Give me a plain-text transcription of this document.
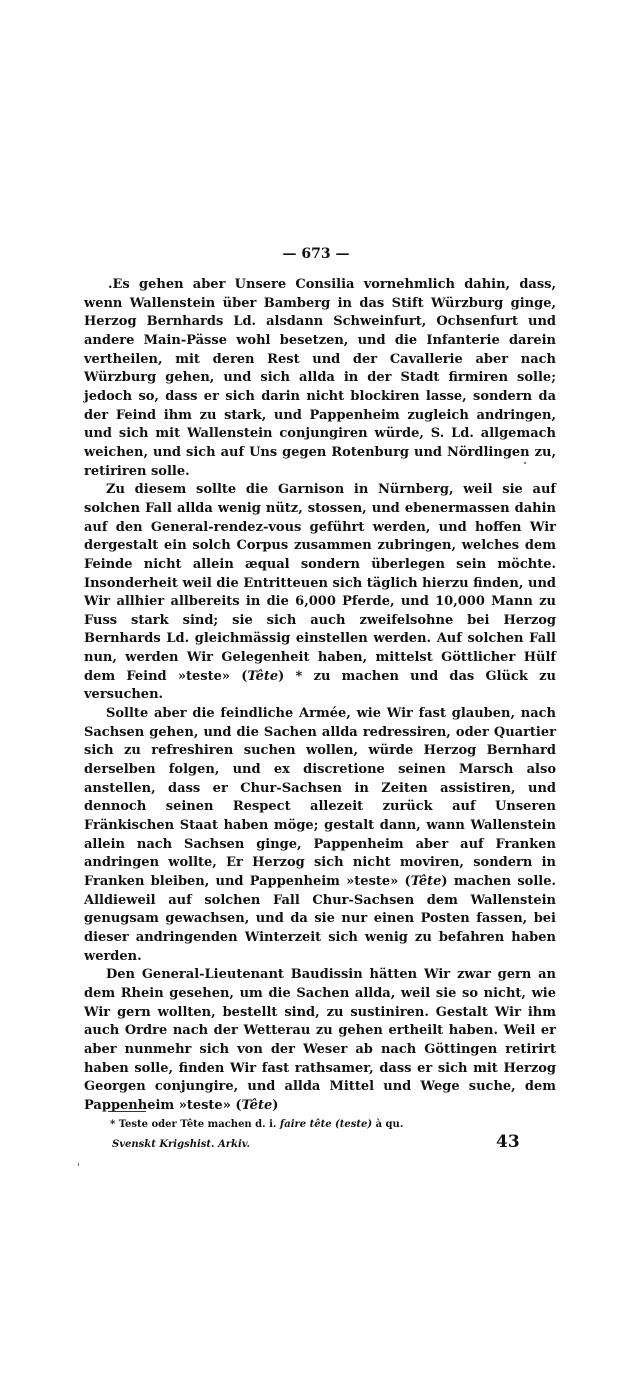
— 673 —

.Es gehen aber Unsere Consilia vornehmlich dahin, dass, wenn Wallenstein über Bamberg in das Stift Würzburg ginge, Herzog Bernhards Ld. alsdann Schweinfurt, Ochsenfurt und andere Main-Pässe wohl besetzen, und die Infanterie darein vertheilen, mit deren Rest und der Cavallerie aber nach Würzburg gehen, und sich allda in der Stadt firmiren solle; jedoch so, dass er sich darin nicht blockiren lasse, sondern da der Feind ihm zu stark, und Pappenheim zugleich andringen, und sich mit Wallenstein conjungiren würde, S. Ld. allgemach weichen, und sich auf Uns gegen Rotenburg und Nördlingen zu, retiriren solle.

Zu diesem sollte die Garnison in Nürnberg, weil sie auf solchen Fall allda wenig nütz, stossen, und ebenermassen dahin auf den General-rendez-vous geführt werden, und hoffen Wir dergestalt ein solch Corpus zusammen zubringen, welches dem Feinde nicht allein æqual sondern überlegen sein möchte. Insonderheit weil die Entritteuen sich täglich hierzu finden, und Wir allhier allbereits in die 6,000 Pferde, und 10,000 Mann zu Fuss stark sind; sie sich auch zweifelsohne bei Herzog Bernhards Ld. gleichmässig einstellen werden. Auf solchen Fall nun, werden Wir Gelegenheit haben, mittelst Göttlicher Hülf dem Feind »teste» (Tête) * zu machen und das Glück zu versuchen.

Sollte aber die feindliche Armée, wie Wir fast glauben, nach Sachsen gehen, und die Sachen allda redressiren, oder Quartier sich zu refreshiren suchen wollen, würde Herzog Bernhard derselben folgen, und ex discretione seinen Marsch also anstellen, dass er Chur-Sachsen in Zeiten assistiren, und dennoch seinen Respect allezeit zurück auf Unseren Fränkischen Staat haben möge; gestalt dann, wann Wallenstein allein nach Sachsen ginge, Pappenheim aber auf Franken andringen wollte, Er Herzog sich nicht moviren, sondern in Franken bleiben, und Pappenheim »teste» (Tête) machen solle. Alldieweil auf solchen Fall Chur-Sachsen dem Wallenstein genugsam gewachsen, und da sie nur einen Posten fassen, bei dieser andringenden Winterzeit sich wenig zu befahren haben werden.

Den General-Lieutenant Baudissin hätten Wir zwar gern an dem Rhein gesehen, um die Sachen allda, weil sie so nicht, wie Wir gern wollten, bestellt sind, zu sustiniren. Gestalt Wir ihm auch Ordre nach der Wetterau zu gehen ertheilt haben. Weil er aber nunmehr sich von der Weser ab nach Göttingen retirirt haben solle, finden Wir fast rathsamer, dass er sich mit Herzog Georgen conjungire, und allda Mittel und Wege suche, dem Pappenheim »teste» (Tête)

* Teste oder Tête machen d. i. faire tête (teste) à qu.
Svenskt Krigshist. Arkiv.	43
